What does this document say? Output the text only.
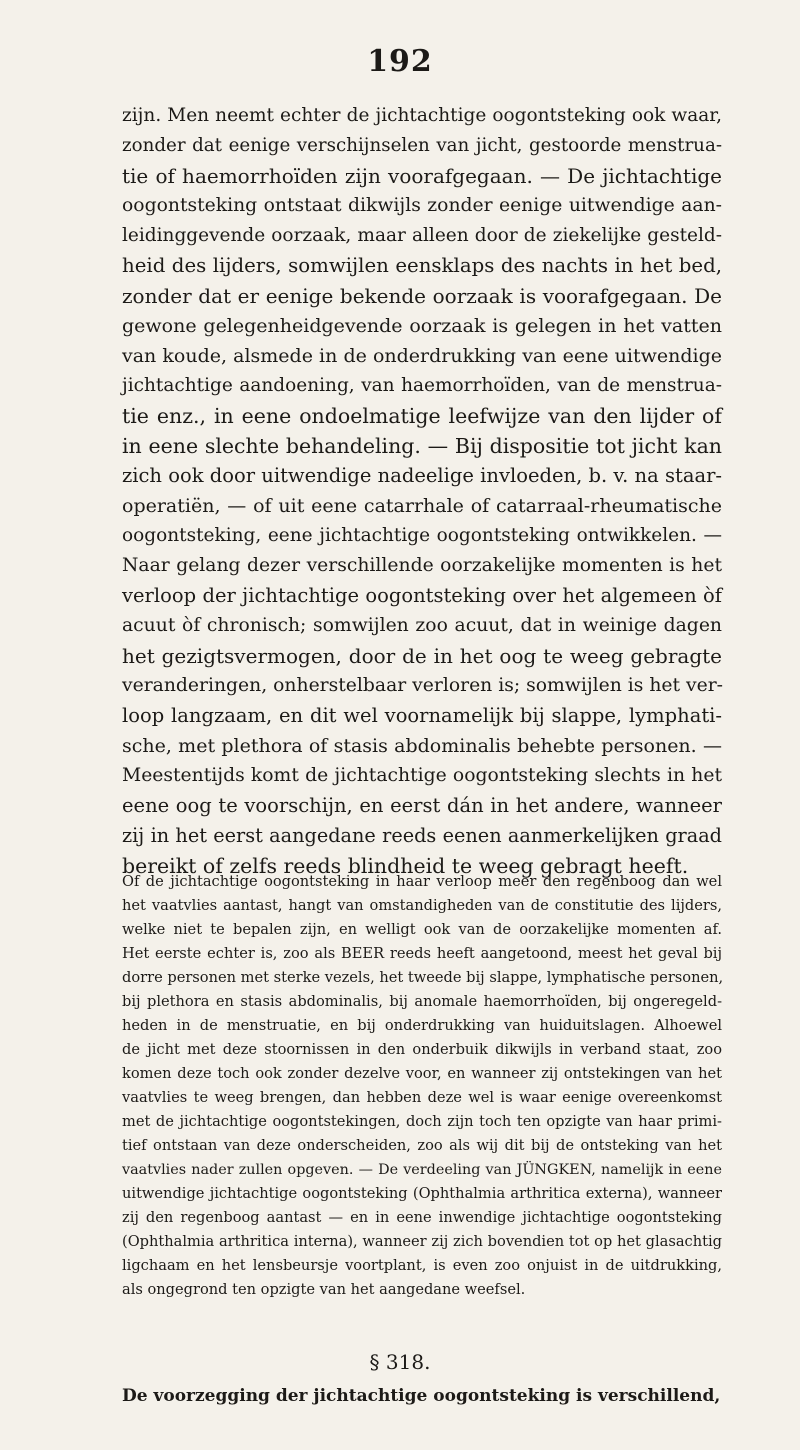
192
zijn. Men neemt echter de jichtachtige oogontsteking ook waar,
zonder dat eenige verschijnselen van jicht, gestoorde menstrua-
tie of haemorrhoïden zijn voorafgegaan. — De jichtachtige
oogontsteking ontstaat dikwijls zonder eenige uitwendige aan-
leidinggevende oorzaak, maar alleen door de ziekelijke gesteld-
heid des lijders, somwijlen eensklaps des nachts in het bed,
zonder dat er eenige bekende oorzaak is voorafgegaan. De
gewone gelegenheidgevende oorzaak is gelegen in het vatten
van koude, alsmede in de onderdrukking van eene uitwendige
jichtachtige aandoening, van haemorrhoïden, van de menstrua-
tie enz., in eene ondoelmatige leefwijze van den lijder of
in eene slechte behandeling. — Bij dispositie tot jicht kan
zich ook door uitwendige nadeelige invloeden, b. v. na staar-
operatiën, — of uit eene catarrhale of catarraal-rheumatische
oogontsteking, eene jichtachtige oogontsteking ontwikkelen. —
Naar gelang dezer verschillende oorzakelijke momenten is het
verloop der jichtachtige oogontsteking over het algemeen òf
acuut òf chronisch; somwijlen zoo acuut, dat in weinige dagen
het gezigtsvermogen, door de in het oog te weeg gebragte
veranderingen, onherstelbaar verloren is; somwijlen is het ver-
loop langzaam, en dit wel voornamelijk bij slappe, lymphati-
sche, met plethora of stasis abdominalis behebte personen. —
Meestentijds komt de jichtachtige oogontsteking slechts in het
eene oog te voorschijn, en eerst dán in het andere, wanneer
zij in het eerst aangedane reeds eenen aanmerkelijken graad
bereikt of zelfs reeds blindheid te weeg gebragt heeft.
Of de jichtachtige oogontsteking in haar verloop meer den regenboog dan wel
het vaatvlies aantast, hangt van omstandigheden van de constitutie des lijders,
welke niet te bepalen zijn, en welligt ook van de oorzakelijke momenten af.
Het eerste echter is, zoo als BEER reeds heeft aangetoond, meest het geval bij
dorre personen met sterke vezels, het tweede bij slappe, lymphatische personen,
bij plethora en stasis abdominalis, bij anomale haemorrhoïden, bij ongeregeld-
heden in de menstruatie, en bij onderdrukking van huiduitslagen. Alhoewel
de jicht met deze stoornissen in den onderbuik dikwijls in verband staat, zoo
komen deze toch ook zonder dezelve voor, en wanneer zij ontstekingen van het
vaatvlies te weeg brengen, dan hebben deze wel is waar eenige overeenkomst
met de jichtachtige oogontstekingen, doch zijn toch ten opzigte van haar primi-
tief ontstaan van deze onderscheiden, zoo als wij dit bij de ontsteking van het
vaatvlies nader zullen opgeven. — De verdeeling van JÜNGKEN, namelijk in eene
uitwendige jichtachtige oogontsteking (Ophthalmia arthritica externa), wanneer
zij den regenboog aantast — en in eene inwendige jichtachtige oogontsteking
(Ophthalmia arthritica interna), wanneer zij zich bovendien tot op het glasachtig
ligchaam en het lensbeursje voortplant, is even zoo onjuist in de uitdrukking,
als ongegrond ten opzigte van het aangedane weefsel.
§ 318.
De voorzegging der jichtachtige oogontsteking is verschillend,
